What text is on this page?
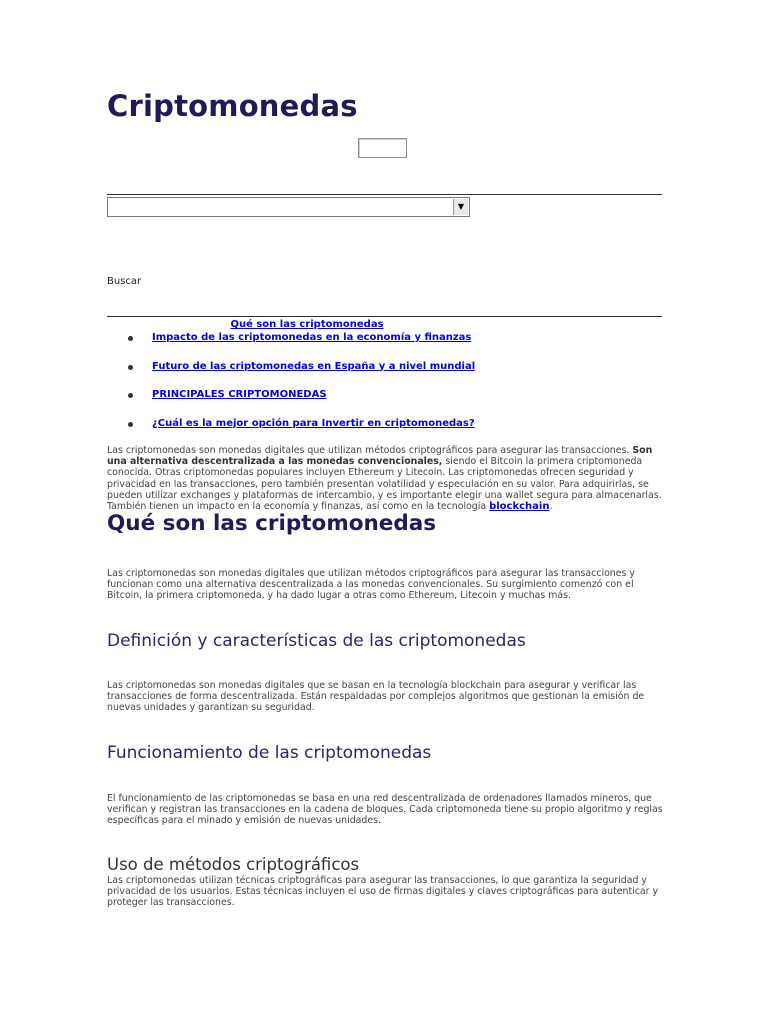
Criptomonedas
▼
Buscar
Qué son las criptomonedas
Impacto de las criptomonedas en la economía y finanzas
Futuro de las criptomonedas en España y a nivel mundial
PRINCIPALES CRIPTOMONEDAS
¿Cuál es la mejor opción para Invertir en criptomonedas?

Las criptomonedas son monedas digitales que utilizan métodos criptográficos para asegurar las transacciones. Son una alternativa descentralizada a las monedas convencionales, siendo el Bitcoin la primera criptomoneda conocida. Otras criptomonedas populares incluyen Ethereum y Litecoin. Las criptomonedas ofrecen seguridad y privacidad en las transacciones, pero también presentan volatilidad y especulación en su valor. Para adquirirlas, se pueden utilizar exchanges y plataformas de intercambio, y es importante elegir una wallet segura para almacenarlas. También tienen un impacto en la economía y finanzas, así como en la tecnología blockchain.

Qué son las criptomonedas

Las criptomonedas son monedas digitales que utilizan métodos criptográficos para asegurar las transacciones y funcionan como una alternativa descentralizada a las monedas convencionales. Su surgimiento comenzó con el Bitcoin, la primera criptomoneda, y ha dado lugar a otras como Ethereum, Litecoin y muchas más.

Definición y características de las criptomonedas

Las criptomonedas son monedas digitales que se basan en la tecnología blockchain para asegurar y verificar las transacciones de forma descentralizada. Están respaldadas por complejos algoritmos que gestionan la emisión de nuevas unidades y garantizan su seguridad.

Funcionamiento de las criptomonedas

El funcionamiento de las criptomonedas se basa en una red descentralizada de ordenadores llamados mineros, que verifican y registran las transacciones en la cadena de bloques. Cada criptomoneda tiene su propio algoritmo y reglas específicas para el minado y emisión de nuevas unidades.

Uso de métodos criptográficos

Las criptomonedas utilizan técnicas criptográficas para asegurar las transacciones, lo que garantiza la seguridad y privacidad de los usuarios. Estas técnicas incluyen el uso de firmas digitales y claves criptográficas para autenticar y proteger las transacciones.
